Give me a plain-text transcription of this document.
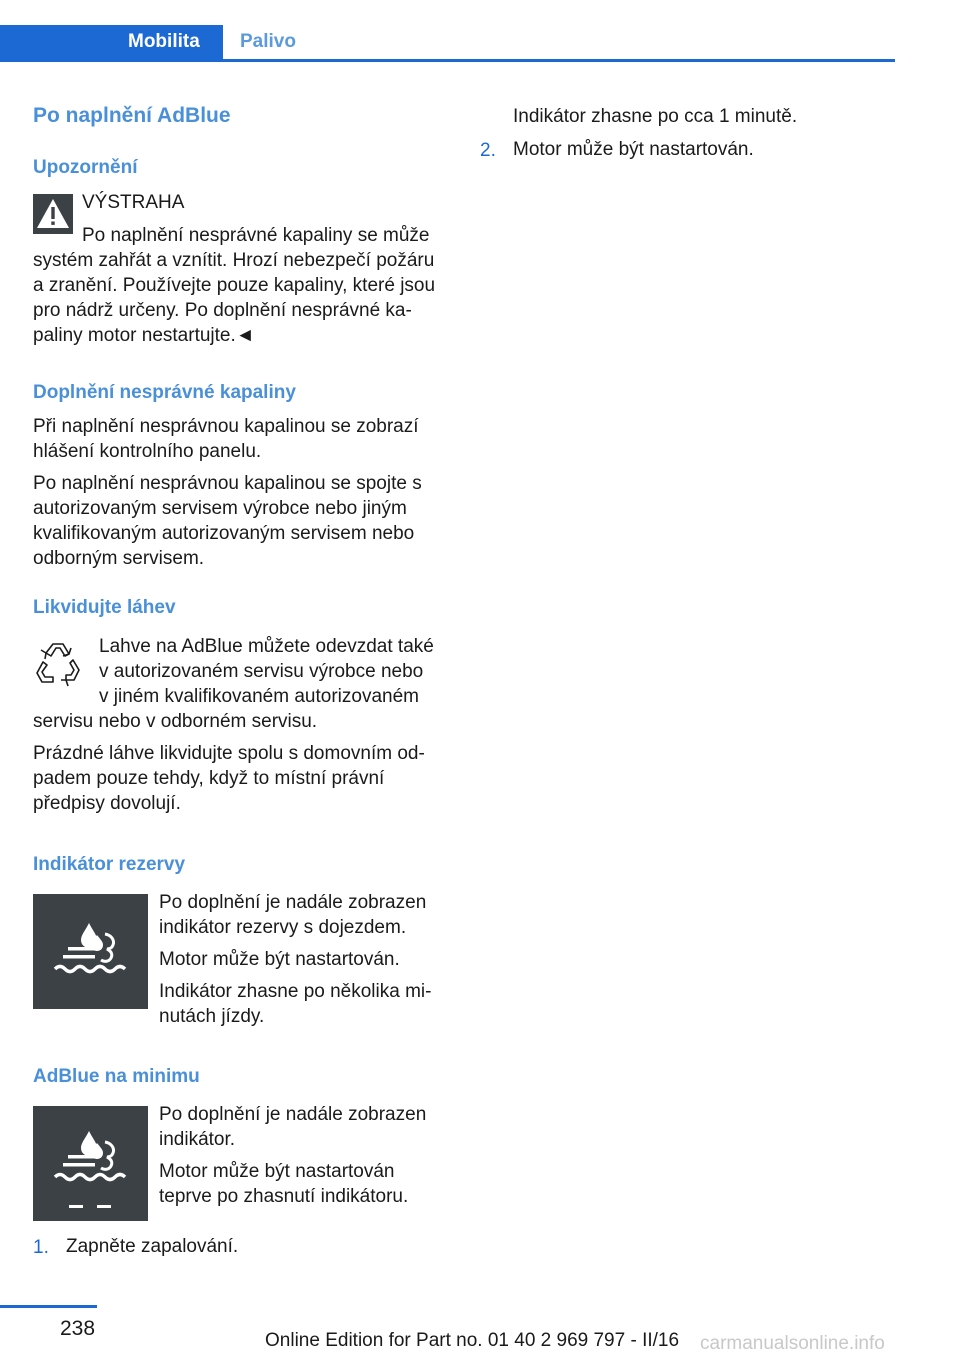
Mobilita Palivo
Po naplnění AdBlue
Upozornění
VÝSTRAHA
Po naplnění nesprávné kapaliny se může
systém zahřát a vznítit. Hrozí nebezpečí požáru
a zranění. Používejte pouze kapaliny, které jsou
pro nádrž určeny. Po doplnění nesprávné ka-
paliny motor nestartujte.◄
Doplnění nesprávné kapaliny
Při naplnění nesprávnou kapalinou se zobrazí
hlášení kontrolního panelu.
Po naplnění nesprávnou kapalinou se spojte s
autorizovaným servisem výrobce nebo jiným
kvalifikovaným autorizovaným servisem nebo
odborným servisem.
Likvidujte láhev
Lahve na AdBlue můžete odevzdat také
v autorizovaném servisu výrobce nebo
v jiném kvalifikovaném autorizovaném
servisu nebo v odborném servisu.
Prázdné láhve likvidujte spolu s domovním od-
padem pouze tehdy, když to místní právní
předpisy dovolují.
Indikátor rezervy
Po doplnění je nadále zobrazen
indikátor rezervy s dojezdem.
Motor může být nastartován.
Indikátor zhasne po několika mi-
nutách jízdy.
AdBlue na minimu
Po doplnění je nadále zobrazen
indikátor.
Motor může být nastartován
teprve po zhasnutí indikátoru.
1. Zapněte zapalování.
Indikátor zhasne po cca 1 minutě.
2. Motor může být nastartován.
238
Online Edition for Part no. 01 40 2 969 797 - II/16 carmanualsonline.info
